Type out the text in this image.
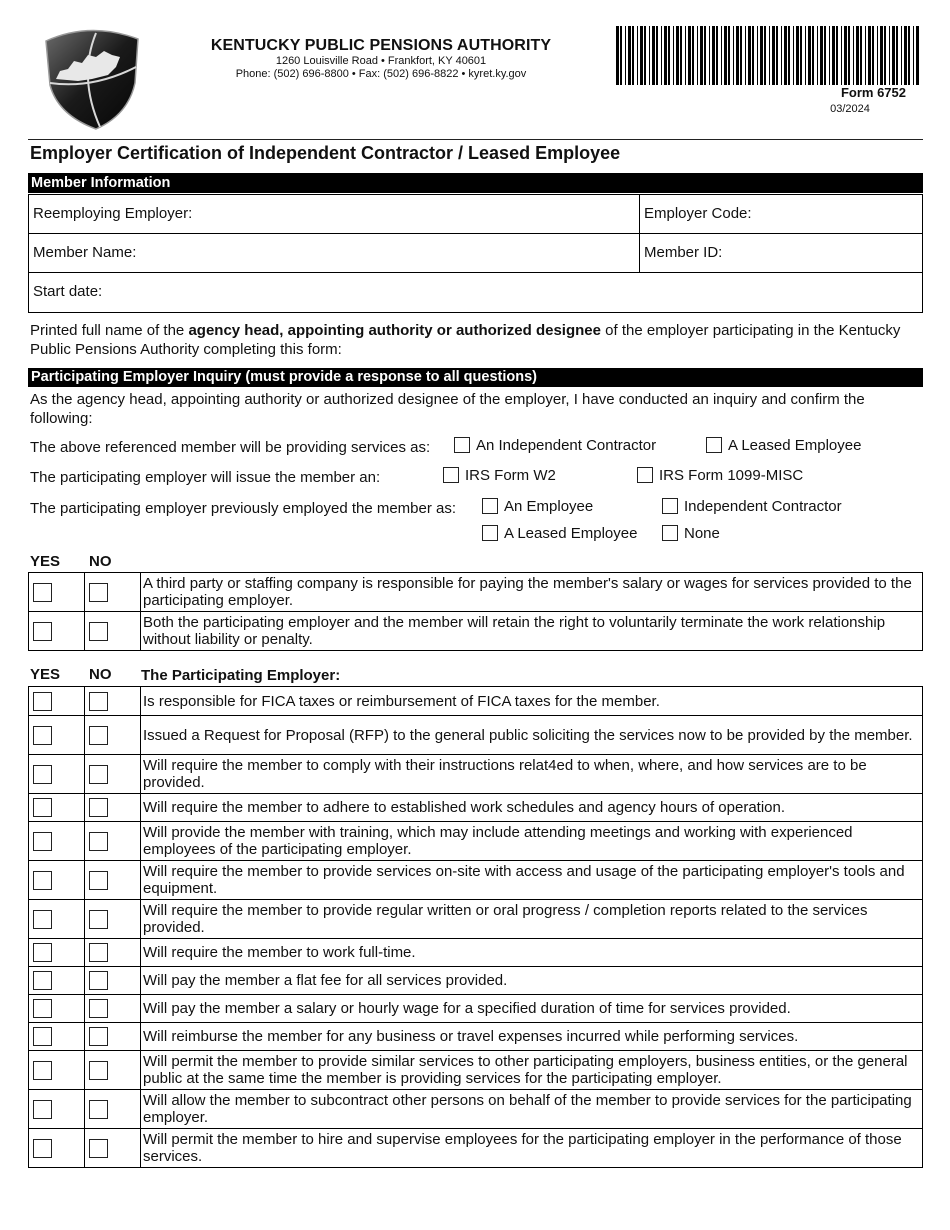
KENTUCKY PUBLIC PENSIONS AUTHORITY
1260 Louisville Road • Frankfort, KY 40601
Phone: (502) 696-8800 • Fax: (502) 696-8822 • kyret.ky.gov
Form 6752
03/2024
Employer Certification of Independent Contractor / Leased Employee
Member Information
Reemploying Employer:	Employer Code:
Member Name:	Member ID:
Start date:
Printed full name of the agency head, appointing authority or authorized designee of the employer participating in the Kentucky Public Pensions Authority completing this form:
Participating Employer Inquiry (must provide a response to all questions)
As the agency head, appointing authority or authorized designee of the employer, I have conducted an inquiry and confirm the following:
The above referenced member will be providing services as:	An Independent Contractor	A Leased Employee
The participating employer will issue the member an:	IRS Form W2	IRS Form 1099-MISC
The participating employer previously employed the member as:	An Employee	Independent Contractor
A Leased Employee	None
YES NO
		A third party or staffing company is responsible for paying the member's salary or wages for services provided to the participating employer.
		Both the participating employer and the member will retain the right to voluntarily terminate the work relationship without liability or penalty.
YES NO The Participating Employer:
		Is responsible for FICA taxes or reimbursement of FICA taxes for the member.
		Issued a Request for Proposal (RFP) to the general public soliciting the services now to be provided by the member.
		Will require the member to comply with their instructions relat4ed to when, where, and how services are to be provided.
		Will require the member to adhere to established work schedules and agency hours of operation.
		Will provide the member with training, which may include attending meetings and working with experienced employees of the participating employer.
		Will require the member to provide services on-site with access and usage of the participating employer's tools and equipment.
		Will require the member to provide regular written or oral progress / completion reports related to the services provided.
		Will require the member to work full-time.
		Will pay the member a flat fee for all services provided.
		Will pay the member a salary or hourly wage for a specified duration of time for services provided.
		Will reimburse the member for any business or travel expenses incurred while performing services.
		Will permit the member to provide similar services to other participating employers, business entities, or the general public at the same time the member is providing services for the participating employer.
		Will allow the member to subcontract other persons on behalf of the member to provide services for the participating employer.
		Will permit the member to hire and supervise employees for the participating employer in the performance of those services.
